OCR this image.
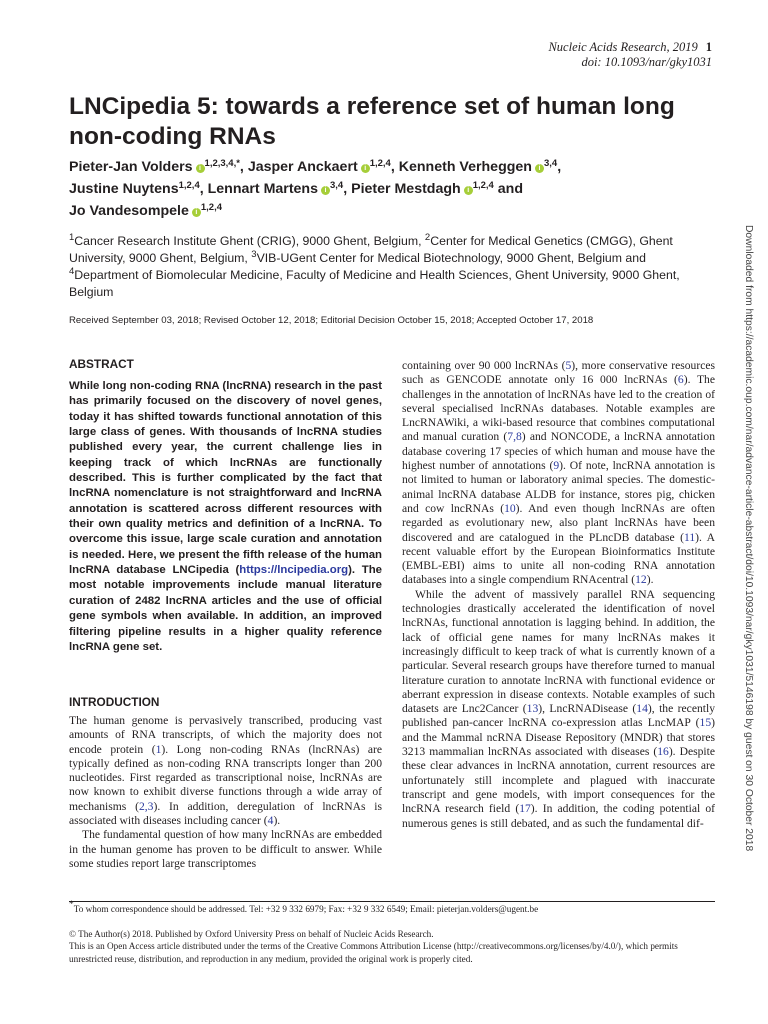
Nucleic Acids Research, 2019 1
doi: 10.1093/nar/gky1031
LNCipedia 5: towards a reference set of human long non-coding RNAs
Pieter-Jan Volders i $^{1,2,3,4,*}$, Jasper Anckaert i $^{1,2,4}$, Kenneth Verheggen i $^{3,4}$,
Justine Nuytens$^{1,2,4}$, Lennart Martens i $^{3,4}$, Pieter Mestdagh i $^{1,2,4}$ and
Jo Vandesompele i $^{1,2,4}$
$^1$Cancer Research Institute Ghent (CRIG), 9000 Ghent, Belgium, $^2$Center for Medical Genetics (CMGG), Ghent University, 9000 Ghent, Belgium, $^3$VIB-UGent Center for Medical Biotechnology, 9000 Ghent, Belgium and
$^4$Department of Biomolecular Medicine, Faculty of Medicine and Health Sciences, Ghent University, 9000 Ghent, Belgium
Received September 03, 2018; Revised October 12, 2018; Editorial Decision October 15, 2018; Accepted October 17, 2018
ABSTRACT
While long non-coding RNA (lncRNA) research in the past has primarily focused on the discovery of novel genes, today it has shifted towards functional annotation of this large class of genes. With thousands of lncRNA studies published every year, the current challenge lies in keeping track of which lncRNAs are functionally described. This is further complicated by the fact that lncRNA nomenclature is not straightforward and lncRNA annotation is scattered across different resources with their own quality metrics and definition of a lncRNA. To overcome this issue, large scale curation and annotation is needed. Here, we present the fifth release of the human lncRNA database LNCipedia (https://lncipedia.org). The most notable improvements include manual literature curation of 2482 lncRNA articles and the use of official gene symbols when available. In addition, an improved filtering pipeline results in a higher quality reference lncRNA gene set.
INTRODUCTION

The human genome is pervasively transcribed, producing vast amounts of RNA transcripts, of which the majority does not encode protein (1). Long non-coding RNAs (lncRNAs) are typically defined as non-coding RNA transcripts longer than 200 nucleotides. First regarded as transcriptional noise, lncRNAs are now known to exhibit diverse functions through a wide array of mechanisms (2,3). In addition, deregulation of lncRNAs is associated with diseases including cancer (4).

The fundamental question of how many lncRNAs are embedded in the human genome has proven to be difficult to answer. While some studies report large transcriptomes

containing over 90 000 lncRNAs (5), more conservative resources such as GENCODE annotate only 16 000 lncRNAs (6). The challenges in the annotation of lncRNAs have led to the creation of several specialised lncRNAs databases. Notable examples are LncRNAWiki, a wiki-based resource that combines computational and manual curation (7,8) and NONCODE, a lncRNA annotation database covering 17 species of which human and mouse have the highest number of annotations (9). Of note, lncRNA annotation is not limited to human or laboratory animal species. The domestic-animal lncRNA database ALDB for instance, stores pig, chicken and cow lncRNAs (10). And even though lncRNAs are often regarded as evolutionary new, also plant lncRNAs have been discovered and are catalogued in the PLncDB database (11). A recent valuable effort by the European Bioinformatics Institute (EMBL-EBI) aims to unite all non-coding RNA annotation databases into a single compendium RNAcentral (12).

While the advent of massively parallel RNA sequencing technologies drastically accelerated the identification of novel lncRNAs, functional annotation is lagging behind. In addition, the lack of official gene names for many lncRNAs makes it increasingly difficult to keep track of what is currently known of a particular. Several research groups have therefore turned to manual literature curation to annotate lncRNA with functional evidence or aberrant expression in disease contexts. Notable examples of such datasets are Lnc2Cancer (13), LncRNADisease (14), the recently published pan-cancer lncRNA co-expression atlas LncMAP (15) and the Mammal ncRNA Disease Repository (MNDR) that stores 3213 mammalian lncRNAs associated with diseases (16). Despite these clear advances in lncRNA annotation, current resources are unfortunately still incomplete and plagued with inaccurate transcript and gene models, with import consequences for the lncRNA research field (17). In addition, the coding potential of numerous genes is still debated, and as such the fundamental dif-

*To whom correspondence should be addressed. Tel: +32 9 332 6979; Fax: +32 9 332 6549; Email: pieterjan.volders@ugent.be
© The Author(s) 2018. Published by Oxford University Press on behalf of Nucleic Acids Research.
This is an Open Access article distributed under the terms of the Creative Commons Attribution License (http://creativecommons.org/licenses/by/4.0/), which permits unrestricted reuse, distribution, and reproduction in any medium, provided the original work is properly cited.
Downloaded from https://academic.oup.com/nar/advance-article-abstract/doi/10.1093/nar/gky1031/5146198 by guest on 30 October 2018
